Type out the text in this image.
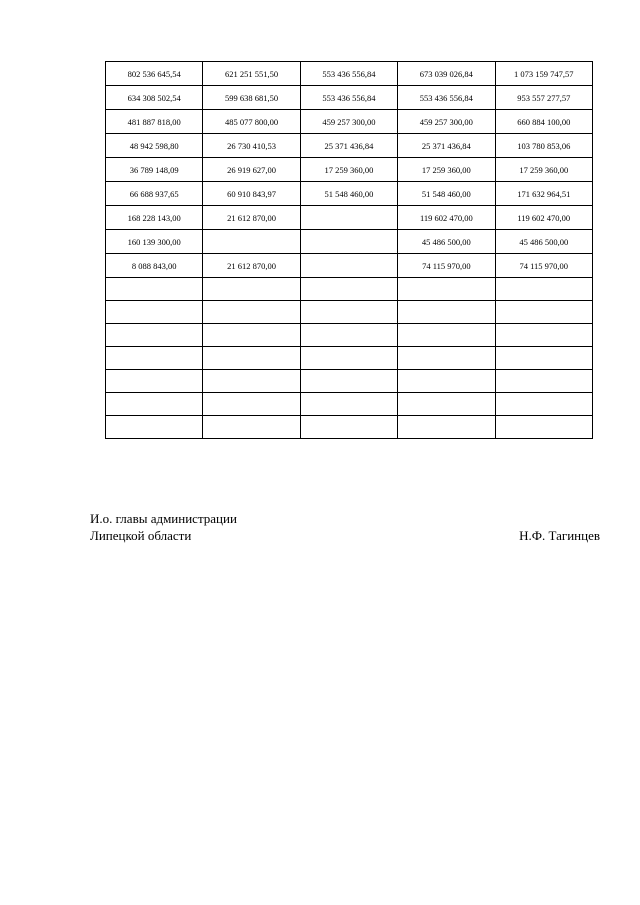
802 536 645,54	621 251 551,50	553 436 556,84	673 039 026,84	1 073 159 747,57
634 308 502,54	599 638 681,50	553 436 556,84	553 436 556,84	953 557 277,57
481 887 818,00	485 077 800,00	459 257 300,00	459 257 300,00	660 884 100,00
48 942 598,80	26 730 410,53	25 371 436,84	25 371 436,84	103 780 853,06
36 789 148,09	26 919 627,00	17 259 360,00	17 259 360,00	17 259 360,00
66 688 937,65	60 910 843,97	51 548 460,00	51 548 460,00	171 632 964,51
168 228 143,00	21 612 870,00		119 602 470,00	119 602 470,00
160 139 300,00			45 486 500,00	45 486 500,00
8 088 843,00	21 612 870,00		74 115 970,00	74 115 970,00

И.о. главы администрации
Липецкой области	Н.Ф. Тагинцев
